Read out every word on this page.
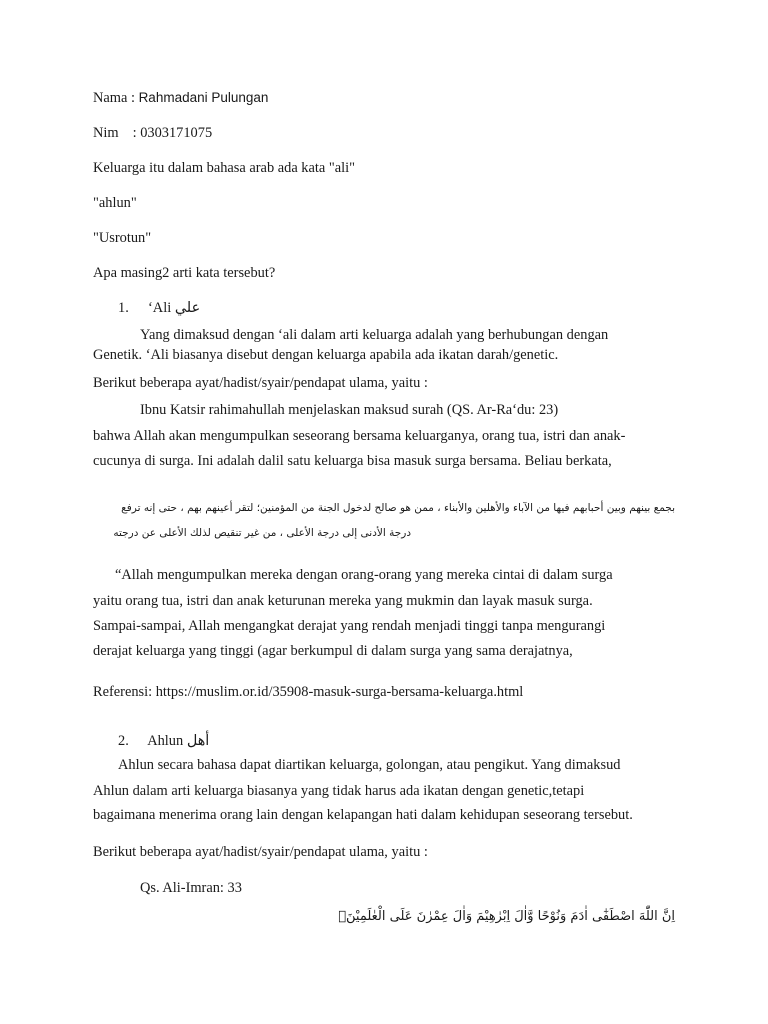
Nama : Rahmadani Pulungan
Nim : 0303171075
Keluarga itu dalam bahasa arab ada kata "ali"
"ahlun"
"Usrotun"
Apa masing2 arti kata tersebut?
1. ‘Ali علي
Yang dimaksud dengan ‘ali dalam arti keluarga adalah yang berhubungan dengan
Genetik. ‘Ali biasanya disebut dengan keluarga apabila ada ikatan darah/genetic.
Berikut beberapa ayat/hadist/syair/pendapat ulama, yaitu :
Ibnu Katsir rahimahullah menjelaskan maksud surah (QS. Ar-Ra‘du: 23)
bahwa Allah akan mengumpulkan seseorang bersama keluarganya, orang tua, istri dan anak-
cucunya di surga. Ini adalah dalil satu keluarga bisa masuk surga bersama. Beliau berkata,
بجمع بينهم وبين أحبابهم فيها من الآباء والأهلين والأبناء ، ممن هو صالح لدخول الجنة من المؤمنين؛ لتقر أعينهم بهم ، حتى إنه ترفع
درجة الأدنى إلى درجة الأعلى ، من غير تنقيص لذلك الأعلى عن درجته
“Allah mengumpulkan mereka dengan orang-orang yang mereka cintai di dalam surga
yaitu orang tua, istri dan anak keturunan mereka yang mukmin dan layak masuk surga.
Sampai-sampai, Allah mengangkat derajat yang rendah menjadi tinggi tanpa mengurangi
derajat keluarga yang tinggi (agar berkumpul di dalam surga yang sama derajatnya,
Referensi: https://muslim.or.id/35908-masuk-surga-bersama-keluarga.html
2. Ahlun أهل
Ahlun secara bahasa dapat diartikan keluarga, golongan, atau pengikut. Yang dimaksud
Ahlun dalam arti keluarga biasanya yang tidak harus ada ikatan dengan genetic,tetapi
bagaimana menerima orang lain dengan kelapangan hati dalam kehidupan seseorang tersebut.
Berikut beberapa ayat/hadist/syair/pendapat ulama, yaitu :
Qs. Ali-Imran: 33
اِنَّ اللّٰهَ اصْطَفٰٓى اٰدَمَ وَنُوْحًا وَّاٰلَ اِبْرٰهِيْمَ وَاٰلَ عِمْرٰنَ عَلَى الْعٰلَمِيْنَۙ
